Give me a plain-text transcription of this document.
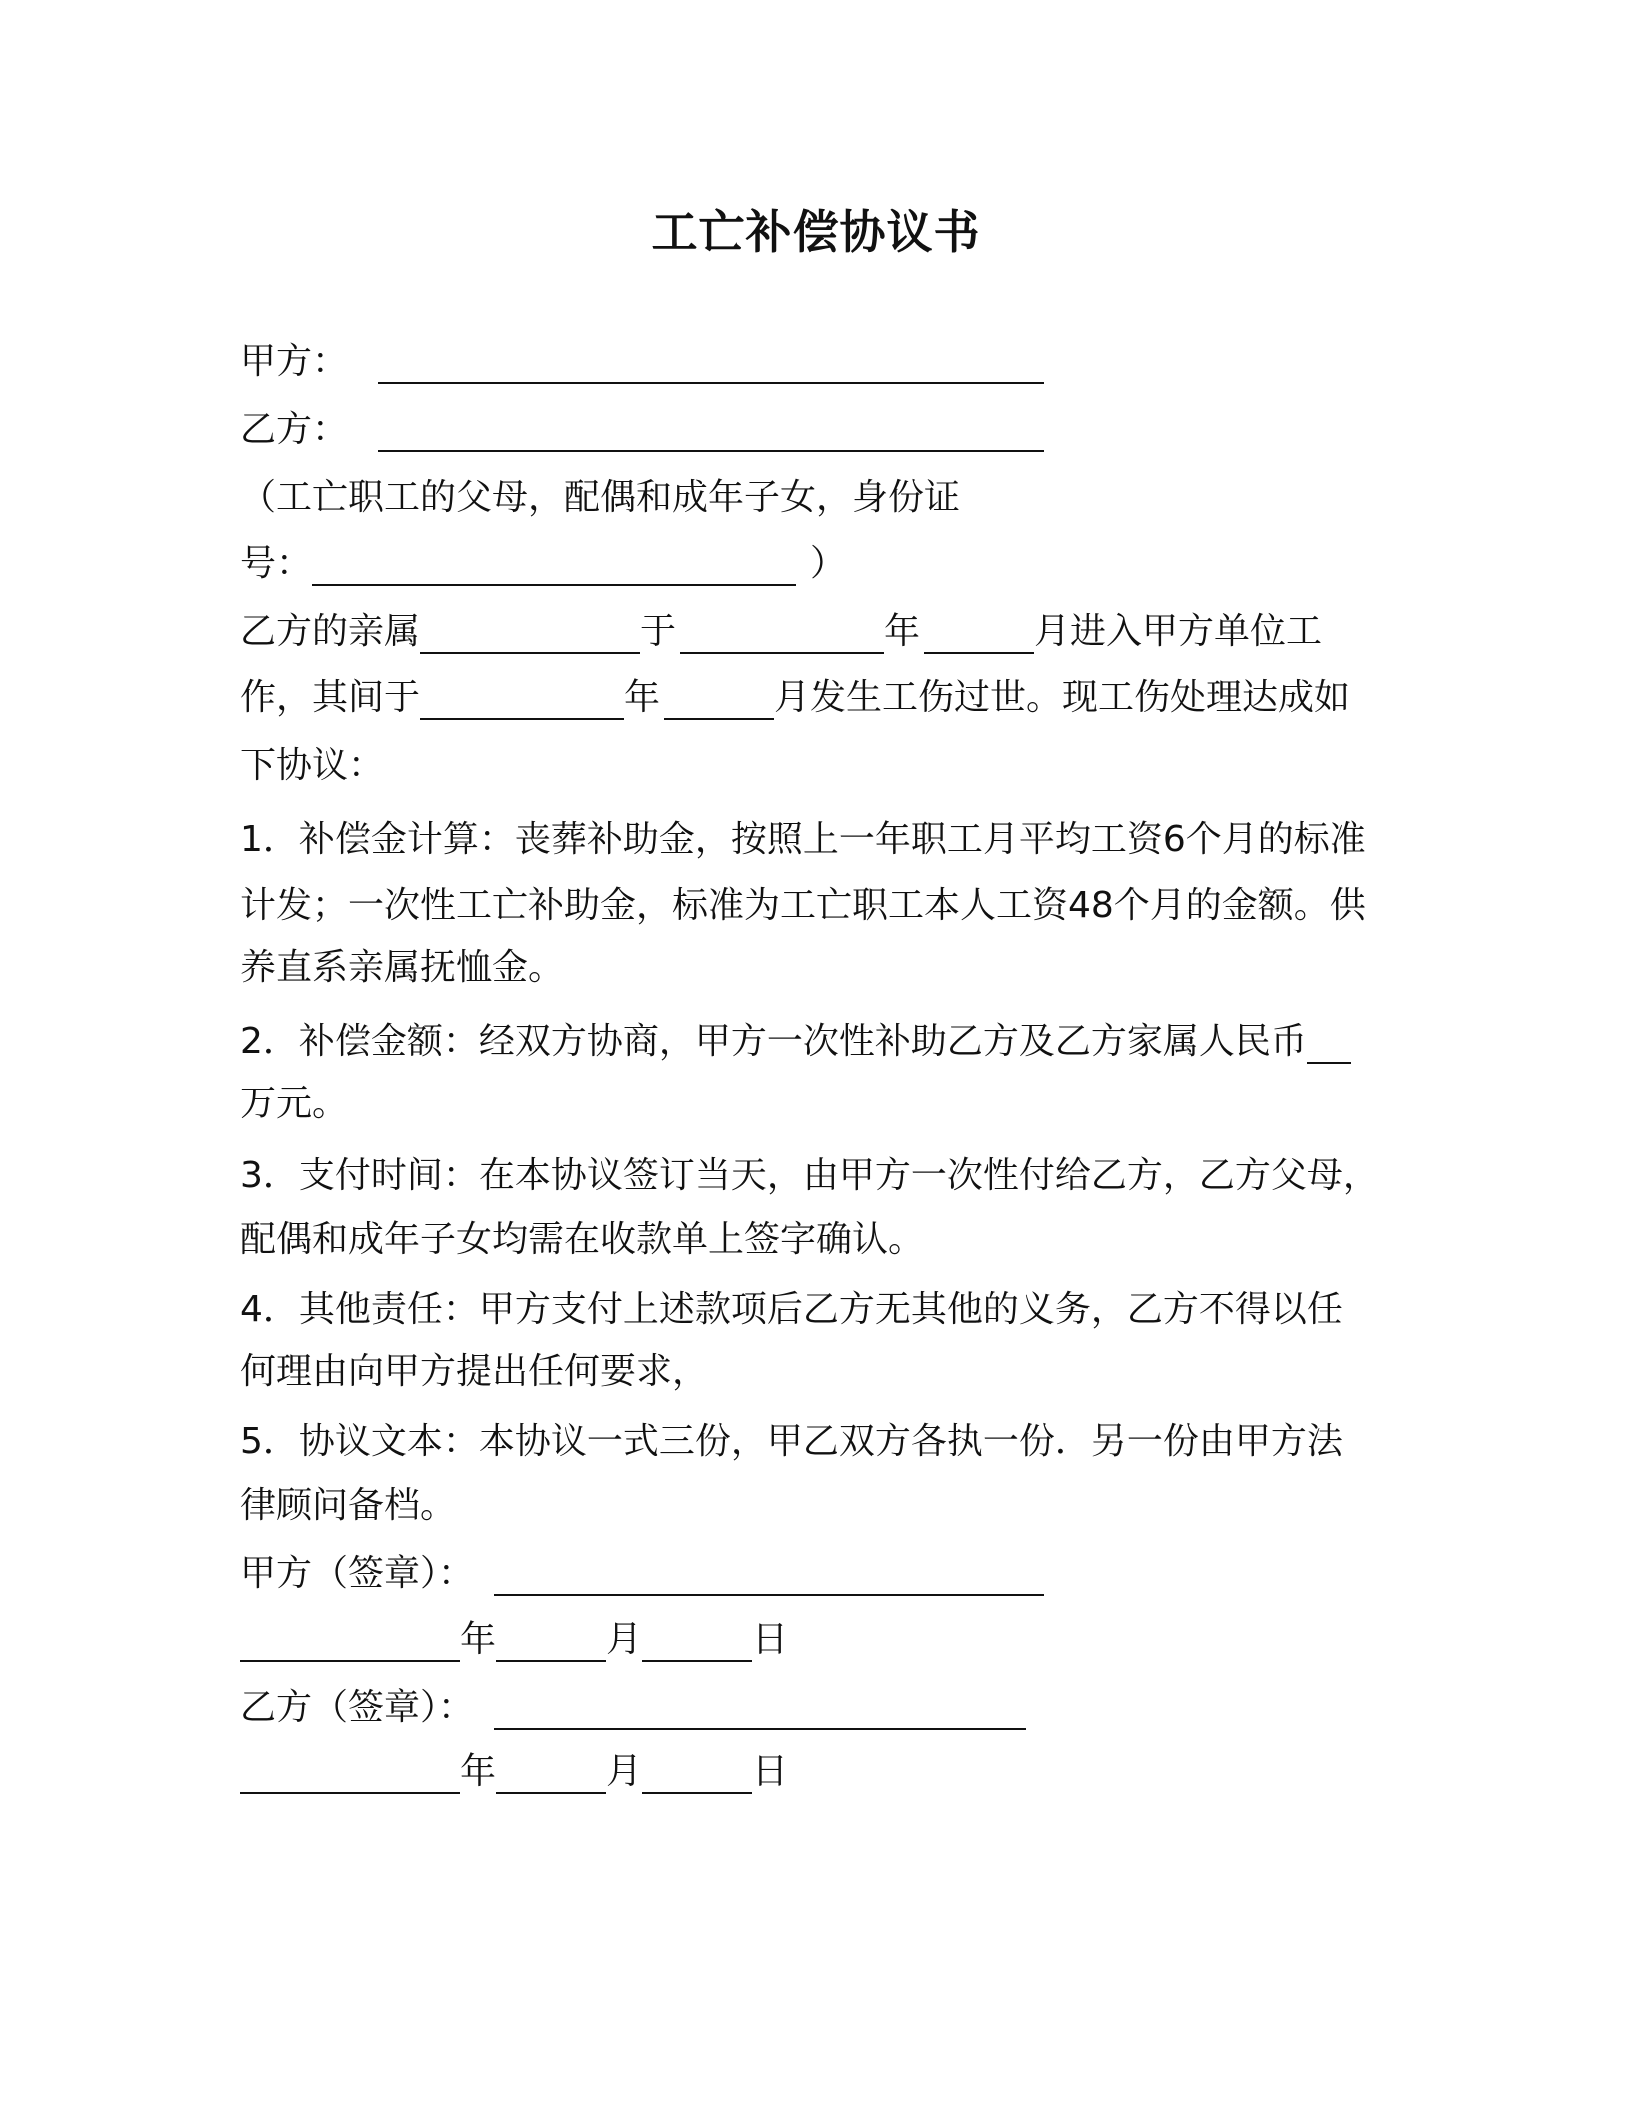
工亡补偿协议书
甲方：
乙方：
（工亡职工的父母，配偶和成年子女，身份证
号：	）
乙方的亲属	于	年	月进入甲方单位工
作，其间于	年	月发生工伤过世。现工伤处理达成如
下协议：
1．补偿金计算：丧葬补助金，按照上一年职工月平均工资6个月的标准
计发；一次性工亡补助金，标准为工亡职工本人工资48个月的金额。供
养直系亲属抚恤金。
2．补偿金额：经双方协商，甲方一次性补助乙方及乙方家属人民币
万元。
3．支付时间：在本协议签订当天，由甲方一次性付给乙方，乙方父母，
配偶和成年子女均需在收款单上签字确认。
4．其他责任：甲方支付上述款项后乙方无其他的义务，乙方不得以任
何理由向甲方提出任何要求，
5．协议文本：本协议一式三份，甲乙双方各执一份．另一份由甲方法
律顾问备档。
甲方（签章）：
年	月	日
乙方（签章）：
年	月	日
